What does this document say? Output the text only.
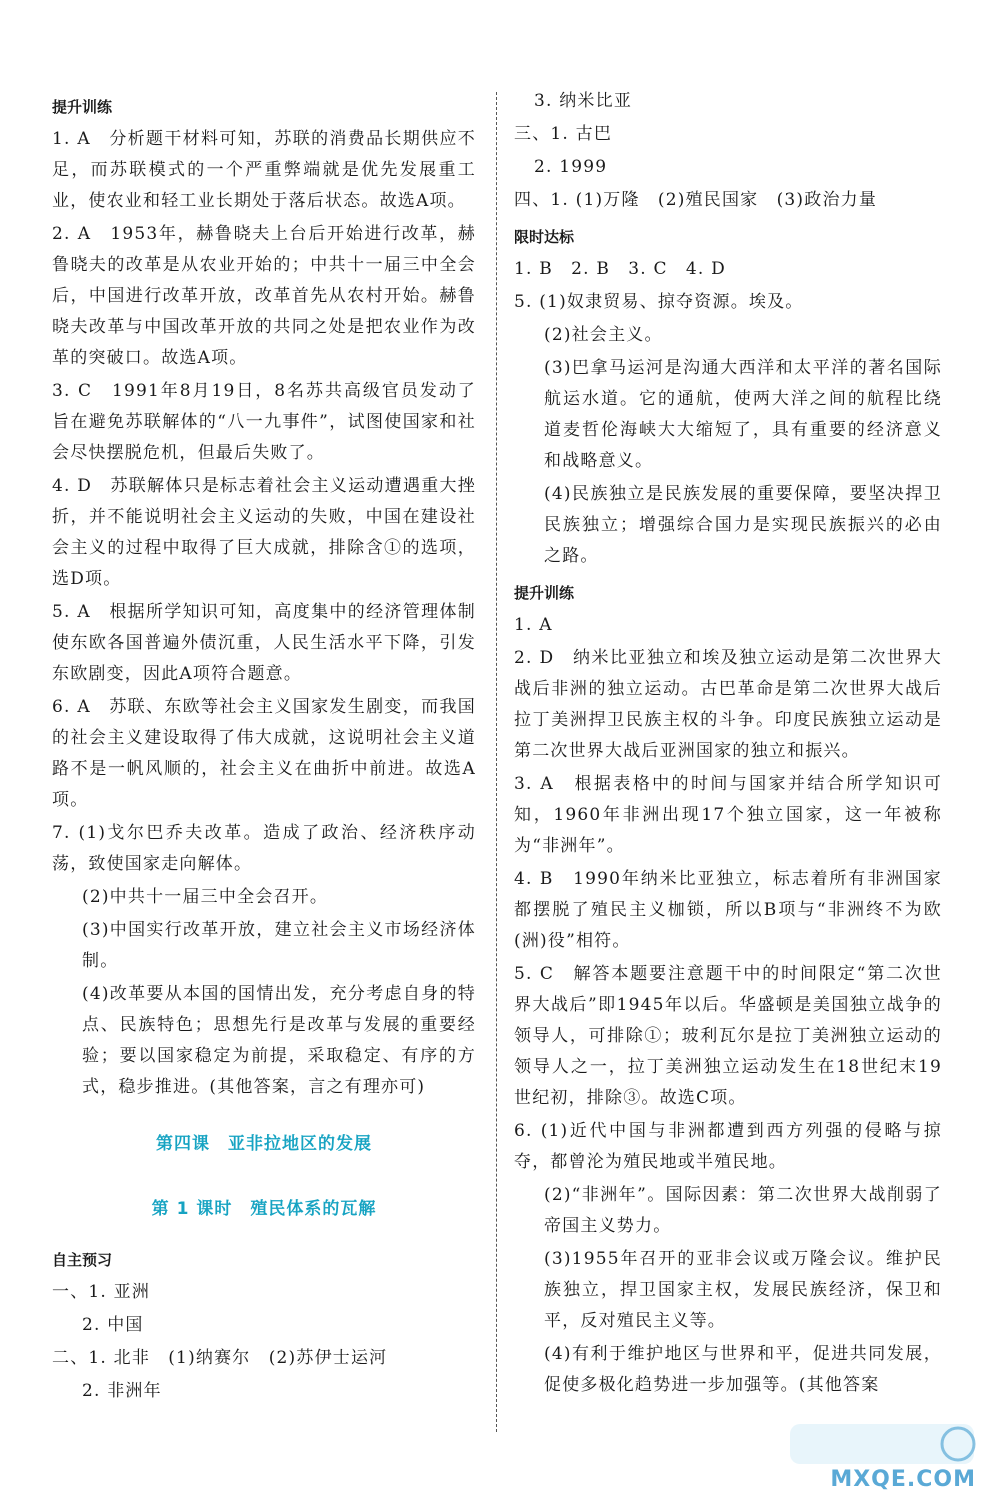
提升训练

1. A　分析题干材料可知，苏联的消费品长期供应不足，而苏联模式的一个严重弊端就是优先发展重工业，使农业和轻工业长期处于落后状态。故选A项。

2. A　1953年，赫鲁晓夫上台后开始进行改革，赫鲁晓夫的改革是从农业开始的；中共十一届三中全会后，中国进行改革开放，改革首先从农村开始。赫鲁晓夫改革与中国改革开放的共同之处是把农业作为改革的突破口。故选A项。

3. C　1991年8月19日，8名苏共高级官员发动了旨在避免苏联解体的“八一九事件”，试图使国家和社会尽快摆脱危机，但最后失败了。

4. D　苏联解体只是标志着社会主义运动遭遇重大挫折，并不能说明社会主义运动的失败，中国在建设社会主义的过程中取得了巨大成就，排除含①的选项，选D项。

5. A　根据所学知识可知，高度集中的经济管理体制使东欧各国普遍外债沉重，人民生活水平下降，引发东欧剧变，因此A项符合题意。

6. A　苏联、东欧等社会主义国家发生剧变，而我国的社会主义建设取得了伟大成就，这说明社会主义道路不是一帆风顺的，社会主义在曲折中前进。故选A项。

7. (1)戈尔巴乔夫改革。造成了政治、经济秩序动荡，致使国家走向解体。

(2)中共十一届三中全会召开。

(3)中国实行改革开放，建立社会主义市场经济体制。

(4)改革要从本国的国情出发，充分考虑自身的特点、民族特色；思想先行是改革与发展的重要经验；要以国家稳定为前提，采取稳定、有序的方式，稳步推进。(其他答案，言之有理亦可)

第四课 亚非拉地区的发展
第 1 课时 殖民体系的瓦解
自主预习

一、1. 亚洲

2. 中国

二、1. 北非　(1)纳赛尔　(2)苏伊士运河

2. 非洲年

3. 纳米比亚

三、1. 古巴

2. 1999

四、1. (1)万隆　(2)殖民国家　(3)政治力量

限时达标

1. B　2. B　3. C　4. D

5. (1)奴隶贸易、掠夺资源。埃及。

(2)社会主义。

(3)巴拿马运河是沟通大西洋和太平洋的著名国际航运水道。它的通航，使两大洋之间的航程比绕道麦哲伦海峡大大缩短了，具有重要的经济意义和战略意义。

(4)民族独立是民族发展的重要保障，要坚决捍卫民族独立；增强综合国力是实现民族振兴的必由之路。

提升训练

1. A

2. D　纳米比亚独立和埃及独立运动是第二次世界大战后非洲的独立运动。古巴革命是第二次世界大战后拉丁美洲捍卫民族主权的斗争。印度民族独立运动是第二次世界大战后亚洲国家的独立和振兴。

3. A　根据表格中的时间与国家并结合所学知识可知，1960年非洲出现17个独立国家，这一年被称为“非洲年”。

4. B　1990年纳米比亚独立，标志着所有非洲国家都摆脱了殖民主义枷锁，所以B项与“非洲终不为欧(洲)役”相符。

5. C　解答本题要注意题干中的时间限定“第二次世界大战后”即1945年以后。华盛顿是美国独立战争的领导人，可排除①；玻利瓦尔是拉丁美洲独立运动的领导人之一，拉丁美洲独立运动发生在18世纪末19世纪初，排除③。故选C项。

6. (1)近代中国与非洲都遭到西方列强的侵略与掠夺，都曾沦为殖民地或半殖民地。

(2)“非洲年”。国际因素：第二次世界大战削弱了帝国主义势力。

(3)1955年召开的亚非会议或万隆会议。维护民族独立，捍卫国家主权，发展民族经济，保卫和平，反对殖民主义等。

(4)有利于维护地区与世界和平，促进共同发展，促使多极化趋势进一步加强等。(其他答案

MXQE.COM
